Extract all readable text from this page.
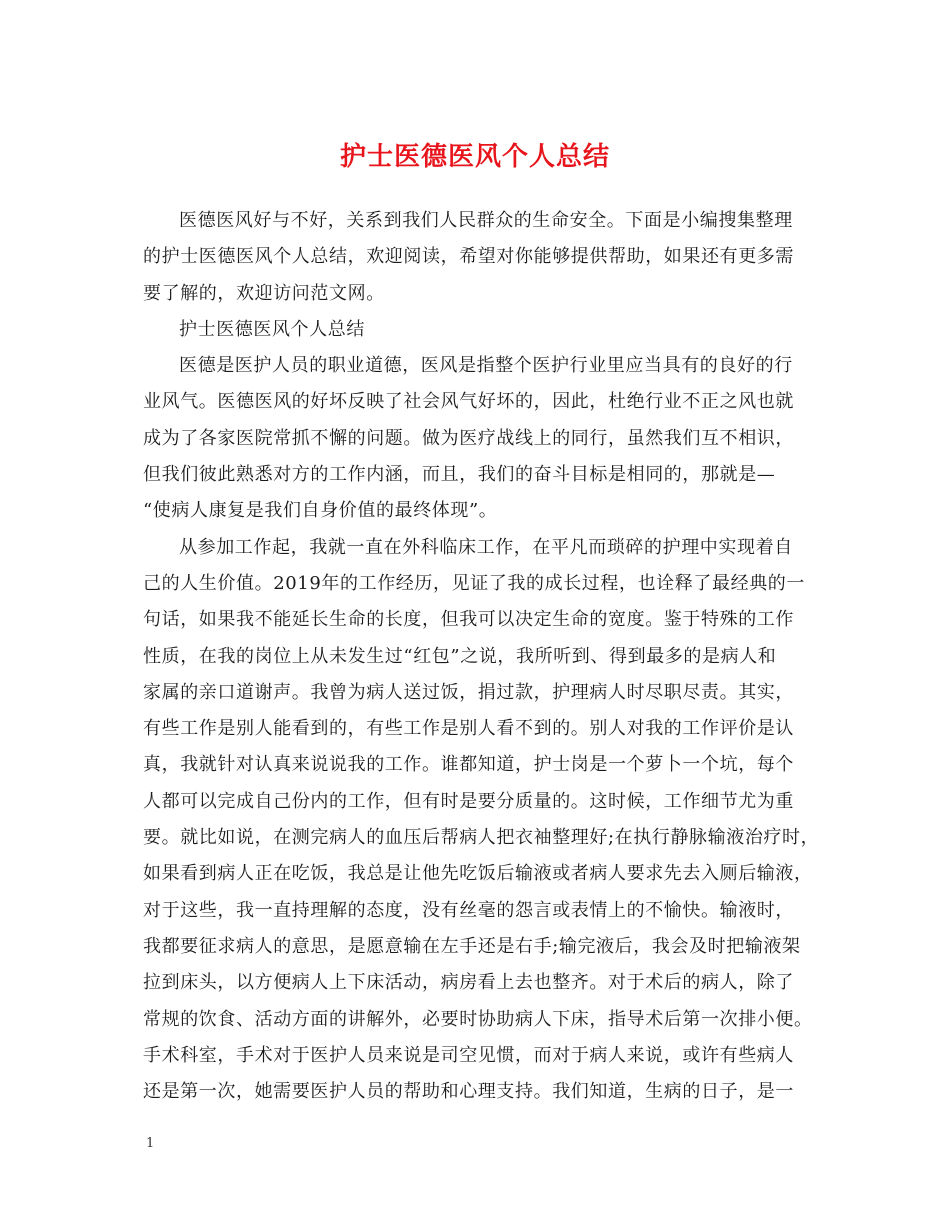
护士医德医风个人总结
医德医风好与不好，关系到我们人民群众的生命安全。下面是小编搜集整理
的护士医德医风个人总结，欢迎阅读，希望对你能够提供帮助，如果还有更多需
要了解的，欢迎访问范文网。
护士医德医风个人总结
医德是医护人员的职业道德，医风是指整个医护行业里应当具有的良好的行
业风气。医德医风的好坏反映了社会风气好坏的，因此，杜绝行业不正之风也就
成为了各家医院常抓不懈的问题。做为医疗战线上的同行，虽然我们互不相识，
但我们彼此熟悉对方的工作内涵，而且，我们的奋斗目标是相同的，那就是—
“使病人康复是我们自身价值的最终体现”。
从参加工作起，我就一直在外科临床工作，在平凡而琐碎的护理中实现着自
己的人生价值。2019年的工作经历，见证了我的成长过程，也诠释了最经典的一
句话，如果我不能延长生命的长度，但我可以决定生命的宽度。鉴于特殊的工作
性质，在我的岗位上从未发生过“红包”之说，我所听到、得到最多的是病人和
家属的亲口道谢声。我曾为病人送过饭，捐过款，护理病人时尽职尽责。其实，
有些工作是别人能看到的，有些工作是别人看不到的。别人对我的工作评价是认
真，我就针对认真来说说我的工作。谁都知道，护士岗是一个萝卜一个坑，每个
人都可以完成自己份内的工作，但有时是要分质量的。这时候，工作细节尤为重
要。就比如说，在测完病人的血压后帮病人把衣袖整理好;在执行静脉输液治疗时，
如果看到病人正在吃饭，我总是让他先吃饭后输液或者病人要求先去入厕后输液，
对于这些，我一直持理解的态度，没有丝毫的怨言或表情上的不愉快。输液时，
我都要征求病人的意思，是愿意输在左手还是右手;输完液后，我会及时把输液架
拉到床头，以方便病人上下床活动，病房看上去也整齐。对于术后的病人，除了
常规的饮食、活动方面的讲解外，必要时协助病人下床，指导术后第一次排小便。
手术科室，手术对于医护人员来说是司空见惯，而对于病人来说，或许有些病人
还是第一次，她需要医护人员的帮助和心理支持。我们知道，生病的日子，是一
1
